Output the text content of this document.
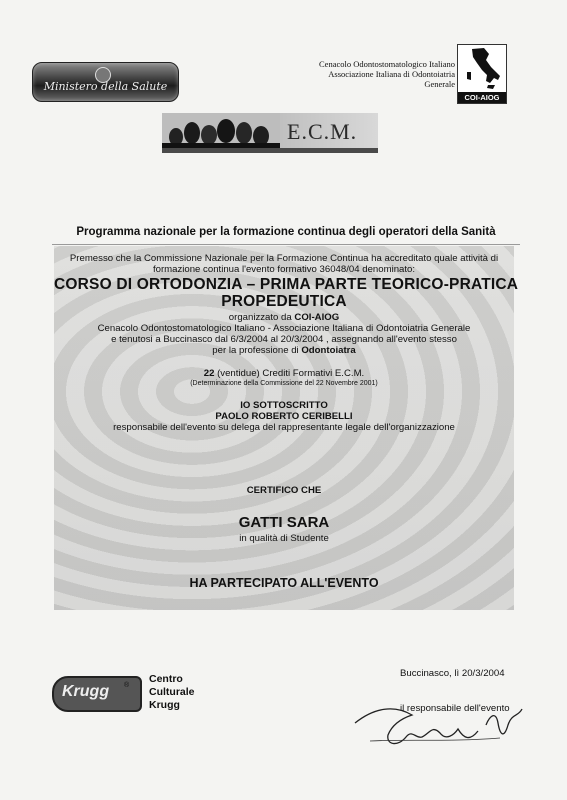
Ministero della Salute
Cenacolo Odontostomatologico Italiano
Associazione Italiana di Odontoiatria Generale
COI-AIOG
E.C.M.
Programma nazionale per la formazione continua degli operatori della Sanità
Premesso che la Commissione Nazionale per la Formazione Continua ha accreditato quale attività di
formazione continua l'evento formativo 36048/04 denominato:
CORSO DI ORTODONZIA – PRIMA PARTE TEORICO-PRATICA
PROPEDEUTICA
organizzato da COI-AIOG
Cenacolo Odontostomatologico Italiano - Associazione Italiana di Odontoiatria Generale
e tenutosi a Buccinasco dal 6/3/2004 al 20/3/2004 , assegnando all'evento stesso
per la professione di Odontoiatra
22 (ventidue) Crediti Formativi E.C.M.
(Determinazione della Commissione del 22 Novembre 2001)
IO SOTTOSCRITTO
PAOLO ROBERTO CERIBELLI
responsabile dell'evento su delega del rappresentante legale dell'organizzazione
CERTIFICO CHE
GATTI SARA
in qualità di Studente
HA PARTECIPATO ALL'EVENTO
Krugg ®
Centro
Culturale
Krugg
Buccinasco, lì 20/3/2004
il responsabile dell'evento
